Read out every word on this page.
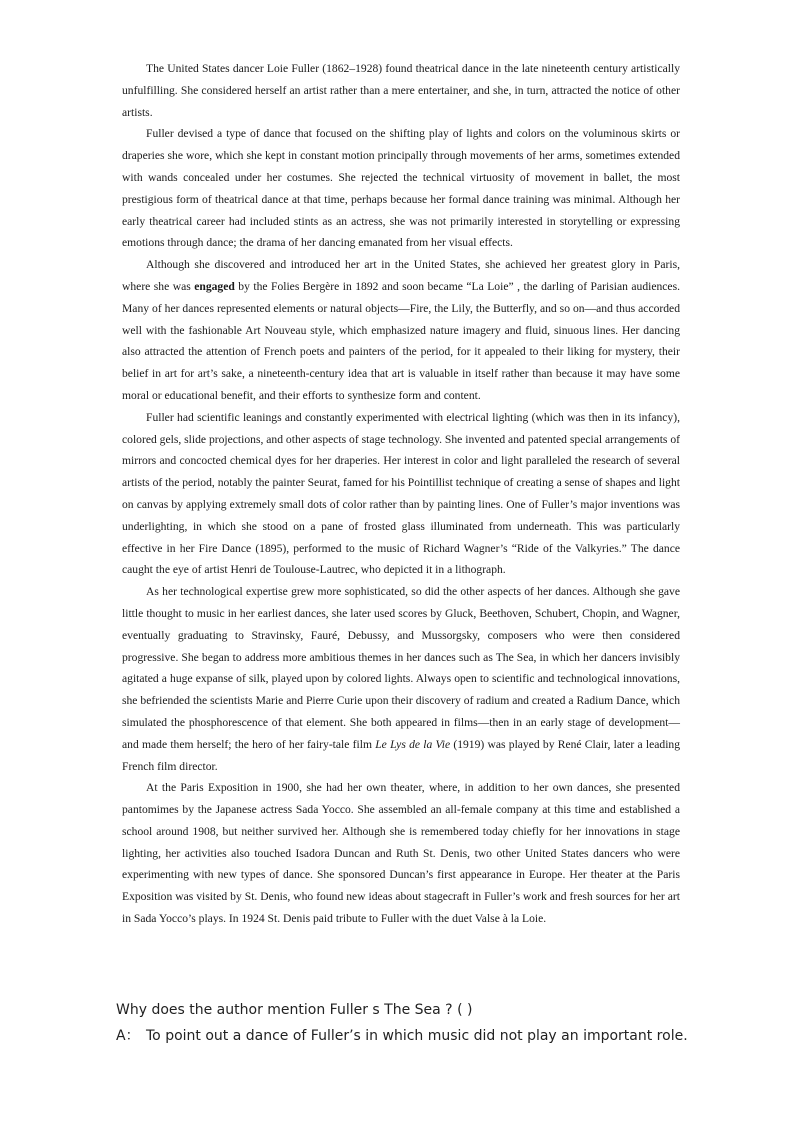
The United States dancer Loie Fuller (1862–1928) found theatrical dance in the late nineteenth century artistically unfulfilling. She considered herself an artist rather than a mere entertainer, and she, in turn, attracted the notice of other artists.

Fuller devised a type of dance that focused on the shifting play of lights and colors on the voluminous skirts or draperies she wore, which she kept in constant motion principally through movements of her arms, sometimes extended with wands concealed under her costumes. She rejected the technical virtuosity of movement in ballet, the most prestigious form of theatrical dance at that time, perhaps because her formal dance training was minimal. Although her early theatrical career had included stints as an actress, she was not primarily interested in storytelling or expressing emotions through dance; the drama of her dancing emanated from her visual effects.

Although she discovered and introduced her art in the United States, she achieved her greatest glory in Paris, where she was engaged by the Folies Bergère in 1892 and soon became “La Loie” , the darling of Parisian audiences. Many of her dances represented elements or natural objects—Fire, the Lily, the Butterfly, and so on—and thus accorded well with the fashionable Art Nouveau style, which emphasized nature imagery and fluid, sinuous lines. Her dancing also attracted the attention of French poets and painters of the period, for it appealed to their liking for mystery, their belief in art for art’s sake, a nineteenth-century idea that art is valuable in itself rather than because it may have some moral or educational benefit, and their efforts to synthesize form and content.

Fuller had scientific leanings and constantly experimented with electrical lighting (which was then in its infancy), colored gels, slide projections, and other aspects of stage technology. She invented and patented special arrangements of mirrors and concocted chemical dyes for her draperies. Her interest in color and light paralleled the research of several artists of the period, notably the painter Seurat, famed for his Pointillist technique of creating a sense of shapes and light on canvas by applying extremely small dots of color rather than by painting lines. One of Fuller’s major inventions was underlighting, in which she stood on a pane of frosted glass illuminated from underneath. This was particularly effective in her Fire Dance (1895), performed to the music of Richard Wagner’s “Ride of the Valkyries.” The dance caught the eye of artist Henri de Toulouse-Lautrec, who depicted it in a lithograph.

As her technological expertise grew more sophisticated, so did the other aspects of her dances. Although she gave little thought to music in her earliest dances, she later used scores by Gluck, Beethoven, Schubert, Chopin, and Wagner, eventually graduating to Stravinsky, Fauré, Debussy, and Mussorgsky, composers who were then considered progressive. She began to address more ambitious themes in her dances such as The Sea, in which her dancers invisibly agitated a huge expanse of silk, played upon by colored lights. Always open to scientific and technological innovations, she befriended the scientists Marie and Pierre Curie upon their discovery of radium and created a Radium Dance, which simulated the phosphorescence of that element. She both appeared in films—then in an early stage of development—and made them herself; the hero of her fairy-tale film Le Lys de la Vie (1919) was played by René Clair, later a leading French film director.

At the Paris Exposition in 1900, she had her own theater, where, in addition to her own dances, she presented pantomimes by the Japanese actress Sada Yocco. She assembled an all-female company at this time and established a school around 1908, but neither survived her. Although she is remembered today chiefly for her innovations in stage lighting, her activities also touched Isadora Duncan and Ruth St. Denis, two other United States dancers who were experimenting with new types of dance. She sponsored Duncan’s first appearance in Europe. Her theater at the Paris Exposition was visited by St. Denis, who found new ideas about stagecraft in Fuller’s work and fresh sources for her art in Sada Yocco’s plays. In 1924 St. Denis paid tribute to Fuller with the duet Valse à la Loie.

Why does the author mention Fuller s The Sea ? ( )
A： To point out a dance of Fuller’s in which music did not play an important role.
